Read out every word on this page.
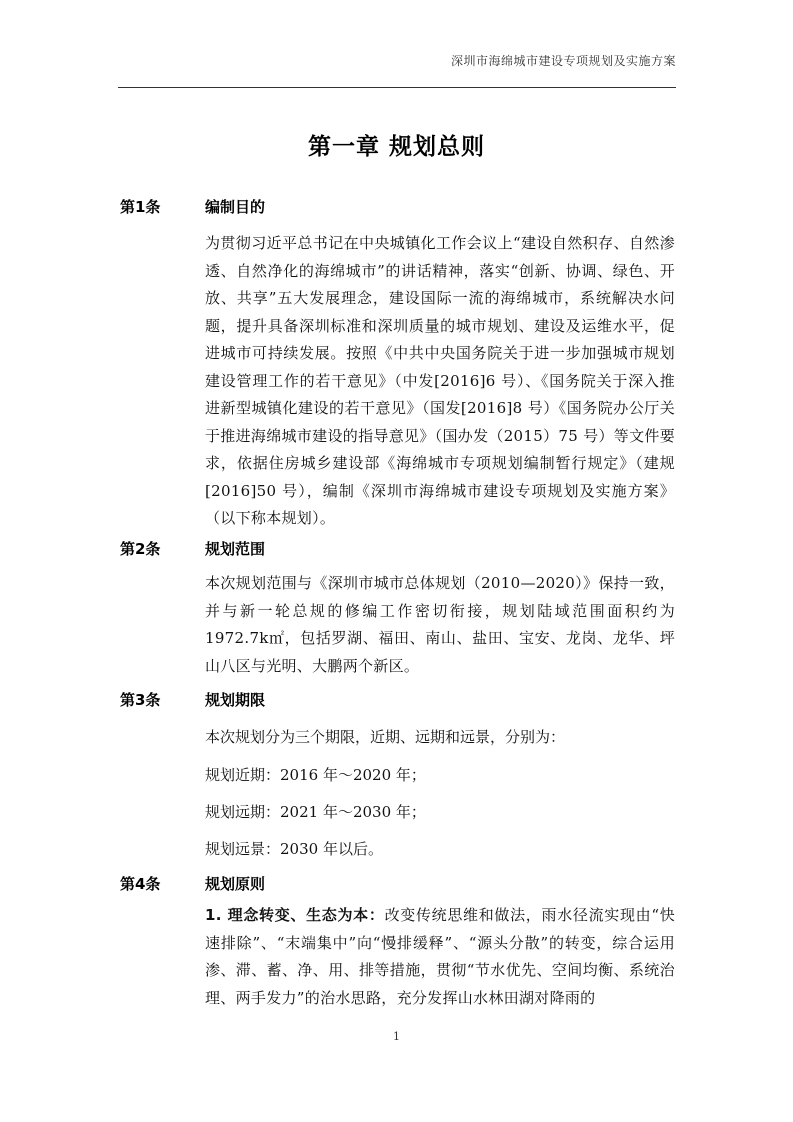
深圳市海绵城市建设专项规划及实施方案
第一章 规划总则
第1条	编制目的

为贯彻习近平总书记在中央城镇化工作会议上“建设自然积存、自然渗透、自然净化的海绵城市”的讲话精神，落实“创新、协调、绿色、开放、共享”五大发展理念，建设国际一流的海绵城市，系统解决水问题，提升具备深圳标准和深圳质量的城市规划、建设及运维水平，促进城市可持续发展。按照《中共中央国务院关于进一步加强城市规划建设管理工作的若干意见》（中发[2016]6 号）、《国务院关于深入推进新型城镇化建设的若干意见》（国发[2016]8 号）《国务院办公厅关于推进海绵城市建设的指导意见》（国办发（2015）75 号）等文件要求，依据住房城乡建设部《海绵城市专项规划编制暂行规定》（建规[2016]50 号），编制《深圳市海绵城市建设专项规划及实施方案》（以下称本规划）。

第2条	规划范围

本次规划范围与《深圳市城市总体规划（2010—2020）》保持一致，并与新一轮总规的修编工作密切衔接，规划陆域范围面积约为1972.7k㎡，包括罗湖、福田、南山、盐田、宝安、龙岗、龙华、坪山八区与光明、大鹏两个新区。

第3条	规划期限

本次规划分为三个期限，近期、远期和远景，分别为：

规划近期：2016 年～2020 年；

规划远期：2021 年～2030 年；

规划远景：2030 年以后。

第4条	规划原则

1. 理念转变、生态为本：改变传统思维和做法，雨水径流实现由“快速排除”、“末端集中”向“慢排缓释”、“源头分散”的转变，综合运用渗、滞、蓄、净、用、排等措施，贯彻“节水优先、空间均衡、系统治理、两手发力”的治水思路，充分发挥山水林田湖对降雨的

1
